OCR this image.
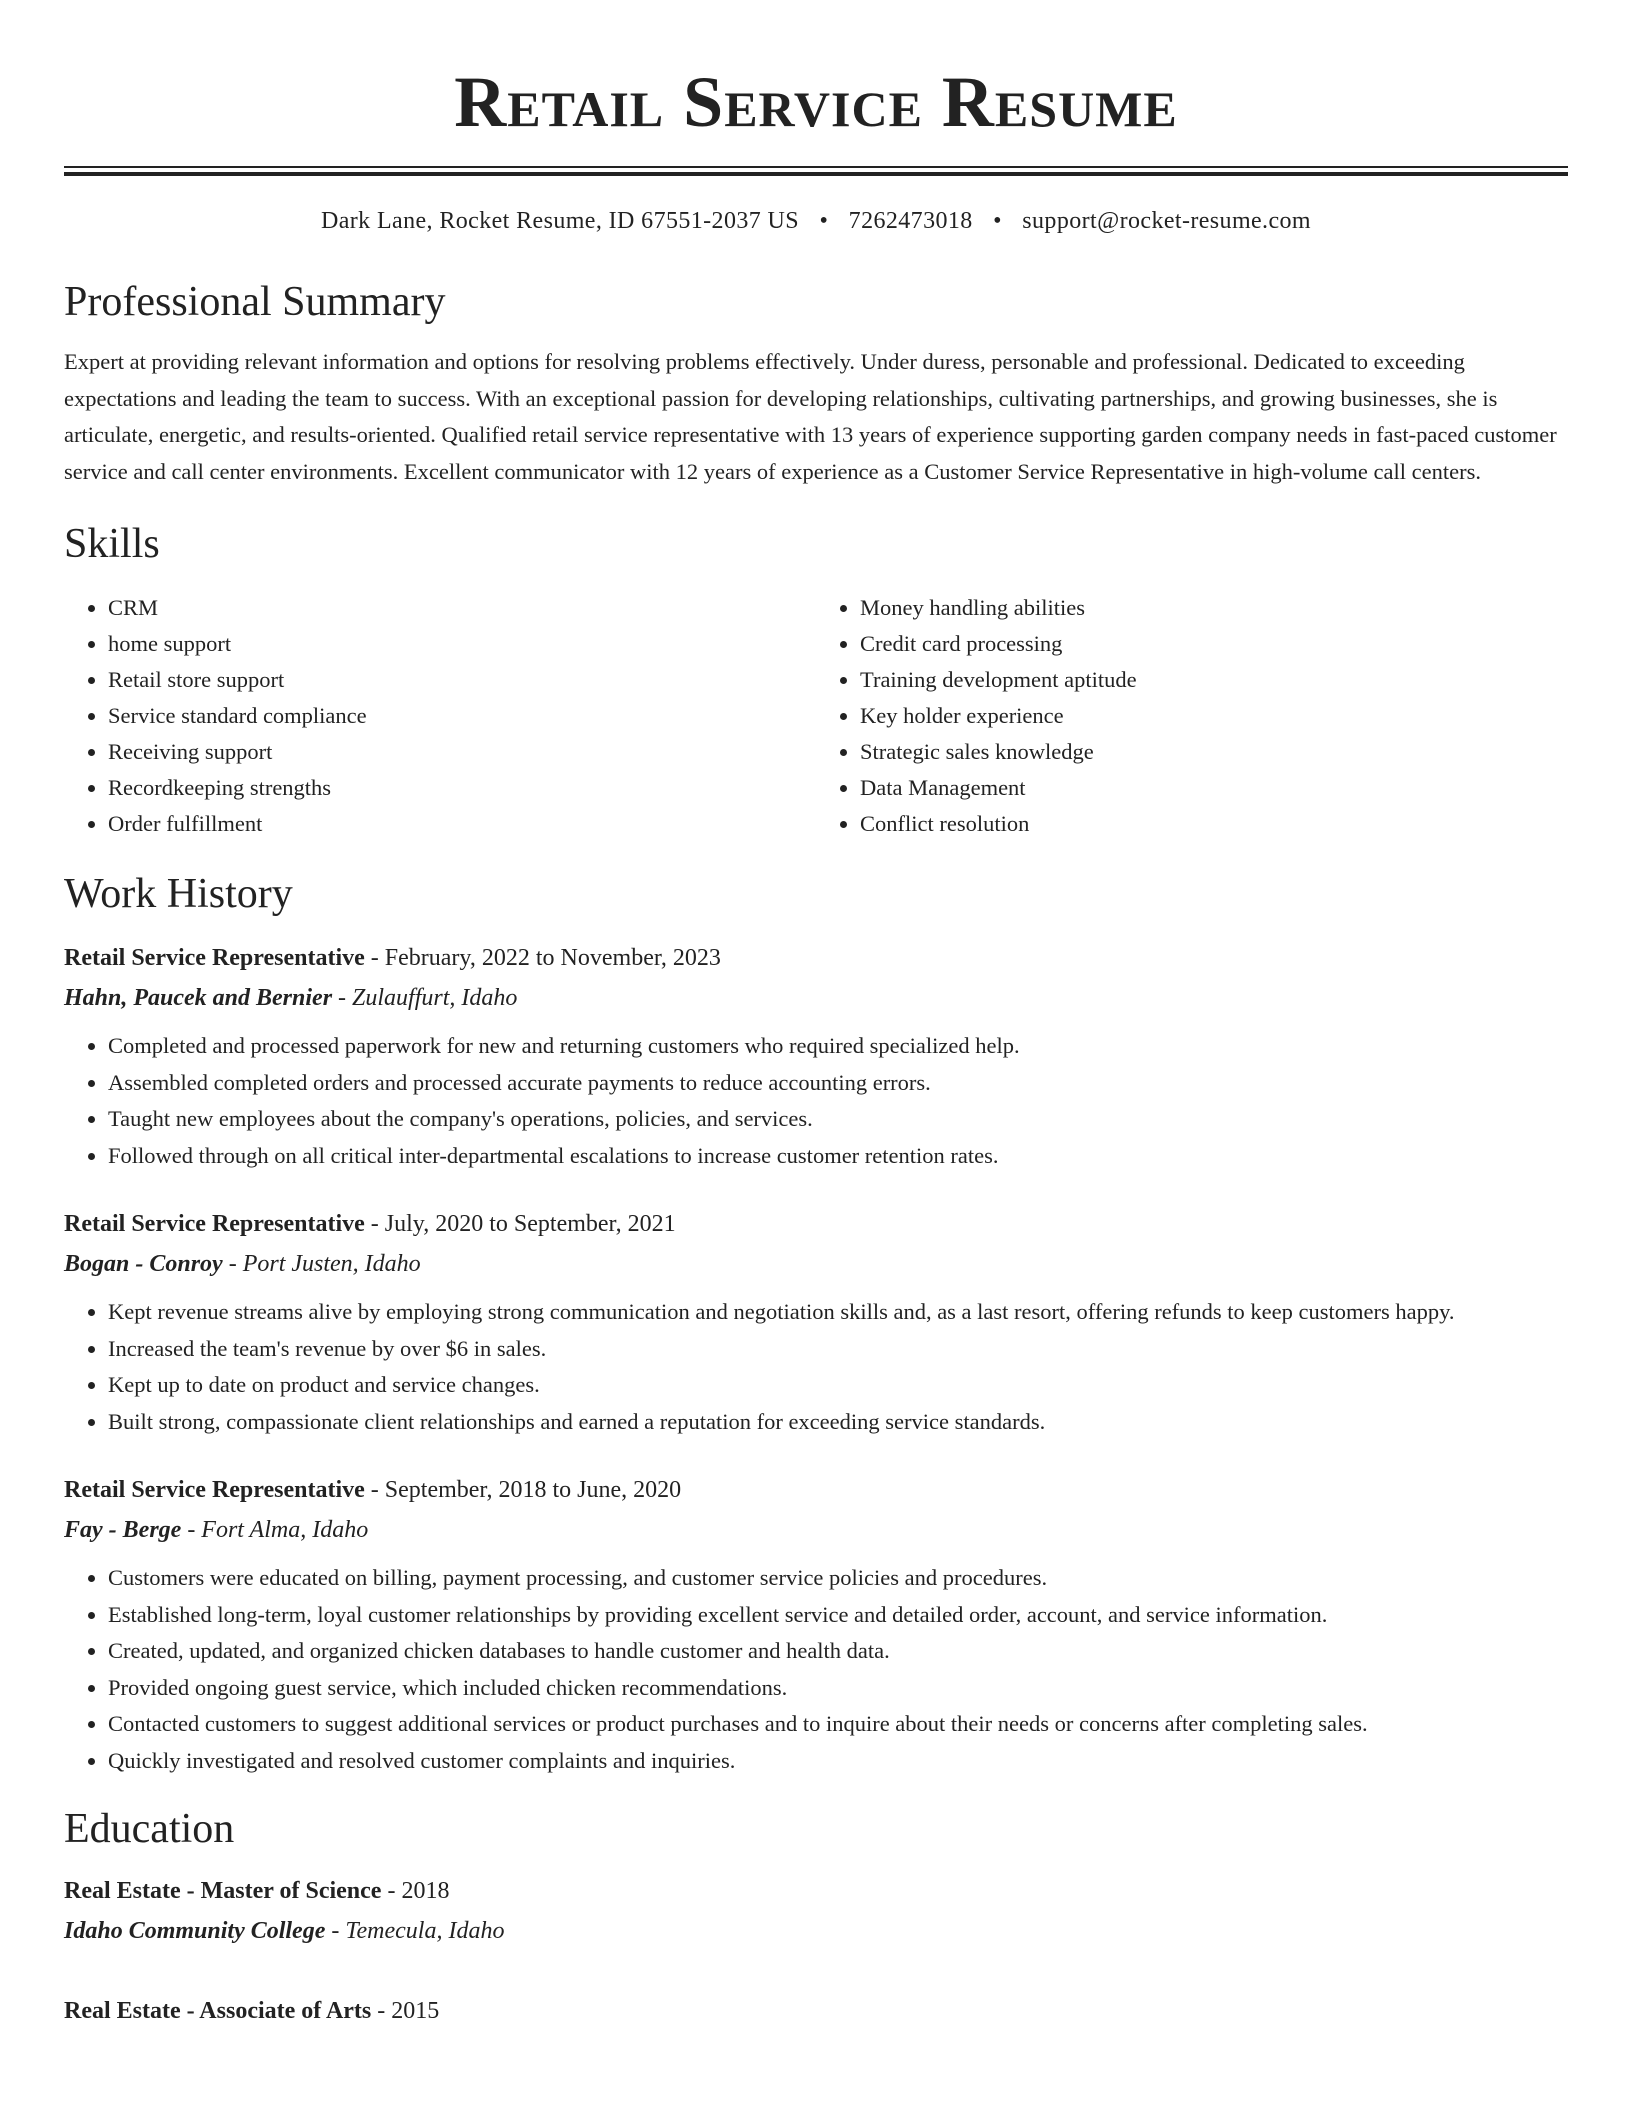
Retail Service Resume
Dark Lane, Rocket Resume, ID 67551-2037 US • 7262473018 • support@rocket-resume.com
Professional Summary

Expert at providing relevant information and options for resolving problems effectively. Under duress, personable and professional. Dedicated to exceeding expectations and leading the team to success. With an exceptional passion for developing relationships, cultivating partnerships, and growing businesses, she is articulate, energetic, and results-oriented. Qualified retail service representative with 13 years of experience supporting garden company needs in fast-paced customer service and call center environments. Excellent communicator with 12 years of experience as a Customer Service Representative in high-volume call centers.

Skills
• CRM
• home support
• Retail store support
• Service standard compliance
• Receiving support
• Recordkeeping strengths
• Order fulfillment
• Money handling abilities
• Credit card processing
• Training development aptitude
• Key holder experience
• Strategic sales knowledge
• Data Management
• Conflict resolution
Work History
Retail Service Representative - February, 2022 to November, 2023
Hahn, Paucek and Bernier - Zulauffurt, Idaho
• Completed and processed paperwork for new and returning customers who required specialized help.
• Assembled completed orders and processed accurate payments to reduce accounting errors.
• Taught new employees about the company's operations, policies, and services.
• Followed through on all critical inter-departmental escalations to increase customer retention rates.
Retail Service Representative - July, 2020 to September, 2021
Bogan - Conroy - Port Justen, Idaho
• Kept revenue streams alive by employing strong communication and negotiation skills and, as a last resort, offering refunds to keep customers happy.
• Increased the team's revenue by over $6 in sales.
• Kept up to date on product and service changes.
• Built strong, compassionate client relationships and earned a reputation for exceeding service standards.
Retail Service Representative - September, 2018 to June, 2020
Fay - Berge - Fort Alma, Idaho
• Customers were educated on billing, payment processing, and customer service policies and procedures.
• Established long-term, loyal customer relationships by providing excellent service and detailed order, account, and service information.
• Created, updated, and organized chicken databases to handle customer and health data.
• Provided ongoing guest service, which included chicken recommendations.
• Contacted customers to suggest additional services or product purchases and to inquire about their needs or concerns after completing sales.
• Quickly investigated and resolved customer complaints and inquiries.
Education
Real Estate - Master of Science - 2018
Idaho Community College - Temecula, Idaho
Real Estate - Associate of Arts - 2015
